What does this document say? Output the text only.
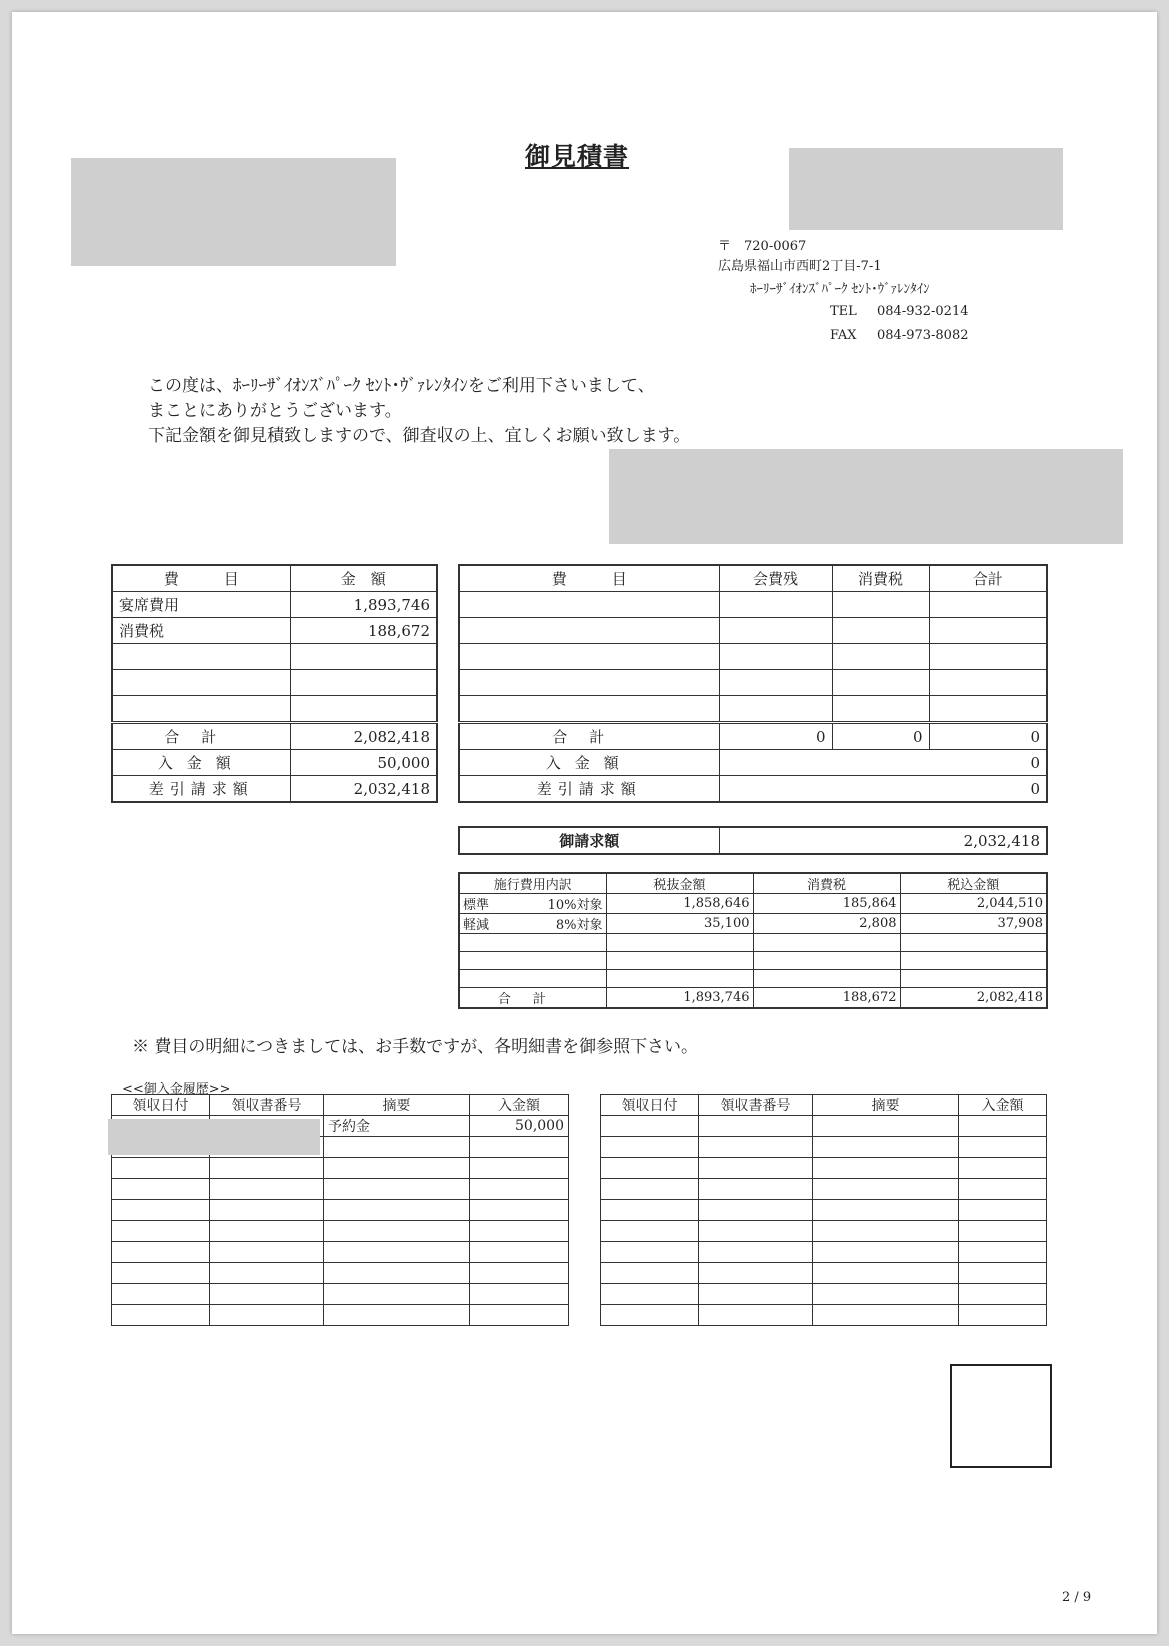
御見積書
〒　720-0067
広島県福山市西町2丁目-7-1
ﾎｰﾘｰｻﾞｲｵﾝｽﾞﾊﾟｰｸ ｾﾝﾄ･ｳﾞｧﾚﾝﾀｲﾝ
TEL 084-932-0214
FAX 084-973-8082
この度は、ﾎｰﾘｰｻﾞｲｵﾝｽﾞﾊﾟｰｸ ｾﾝﾄ･ｳﾞｧﾚﾝﾀｲﾝをご利用下さいまして、
まことにありがとうございます。
下記金額を御見積致しますので、御査収の上、宜しくお願い致します。
費　　　目	金　額
宴席費用	1,893,746
消費税	188,672

合計	2,082,418
入金額	50,000
差引請求額	2,032,418
費　　　目	会費残	消費税	合計

合計	0	0	0
入金額	0		
差引請求額	0		
御請求額	2,032,418
施行費用内訳	税抜金額	消費税	税込金額
標準 10%対象	1,858,646	185,864	2,044,510
軽減 8%対象	35,100	2,808	37,908

合計	1,893,746	188,672	2,082,418
※ 費目の明細につきましては、お手数ですが、各明細書を御参照下さい。
<<御入金履歴>>
領収日付	領収書番号	摘要	入金額
		予約金	50,000

領収日付	領収書番号	摘要	入金額

2 / 9
